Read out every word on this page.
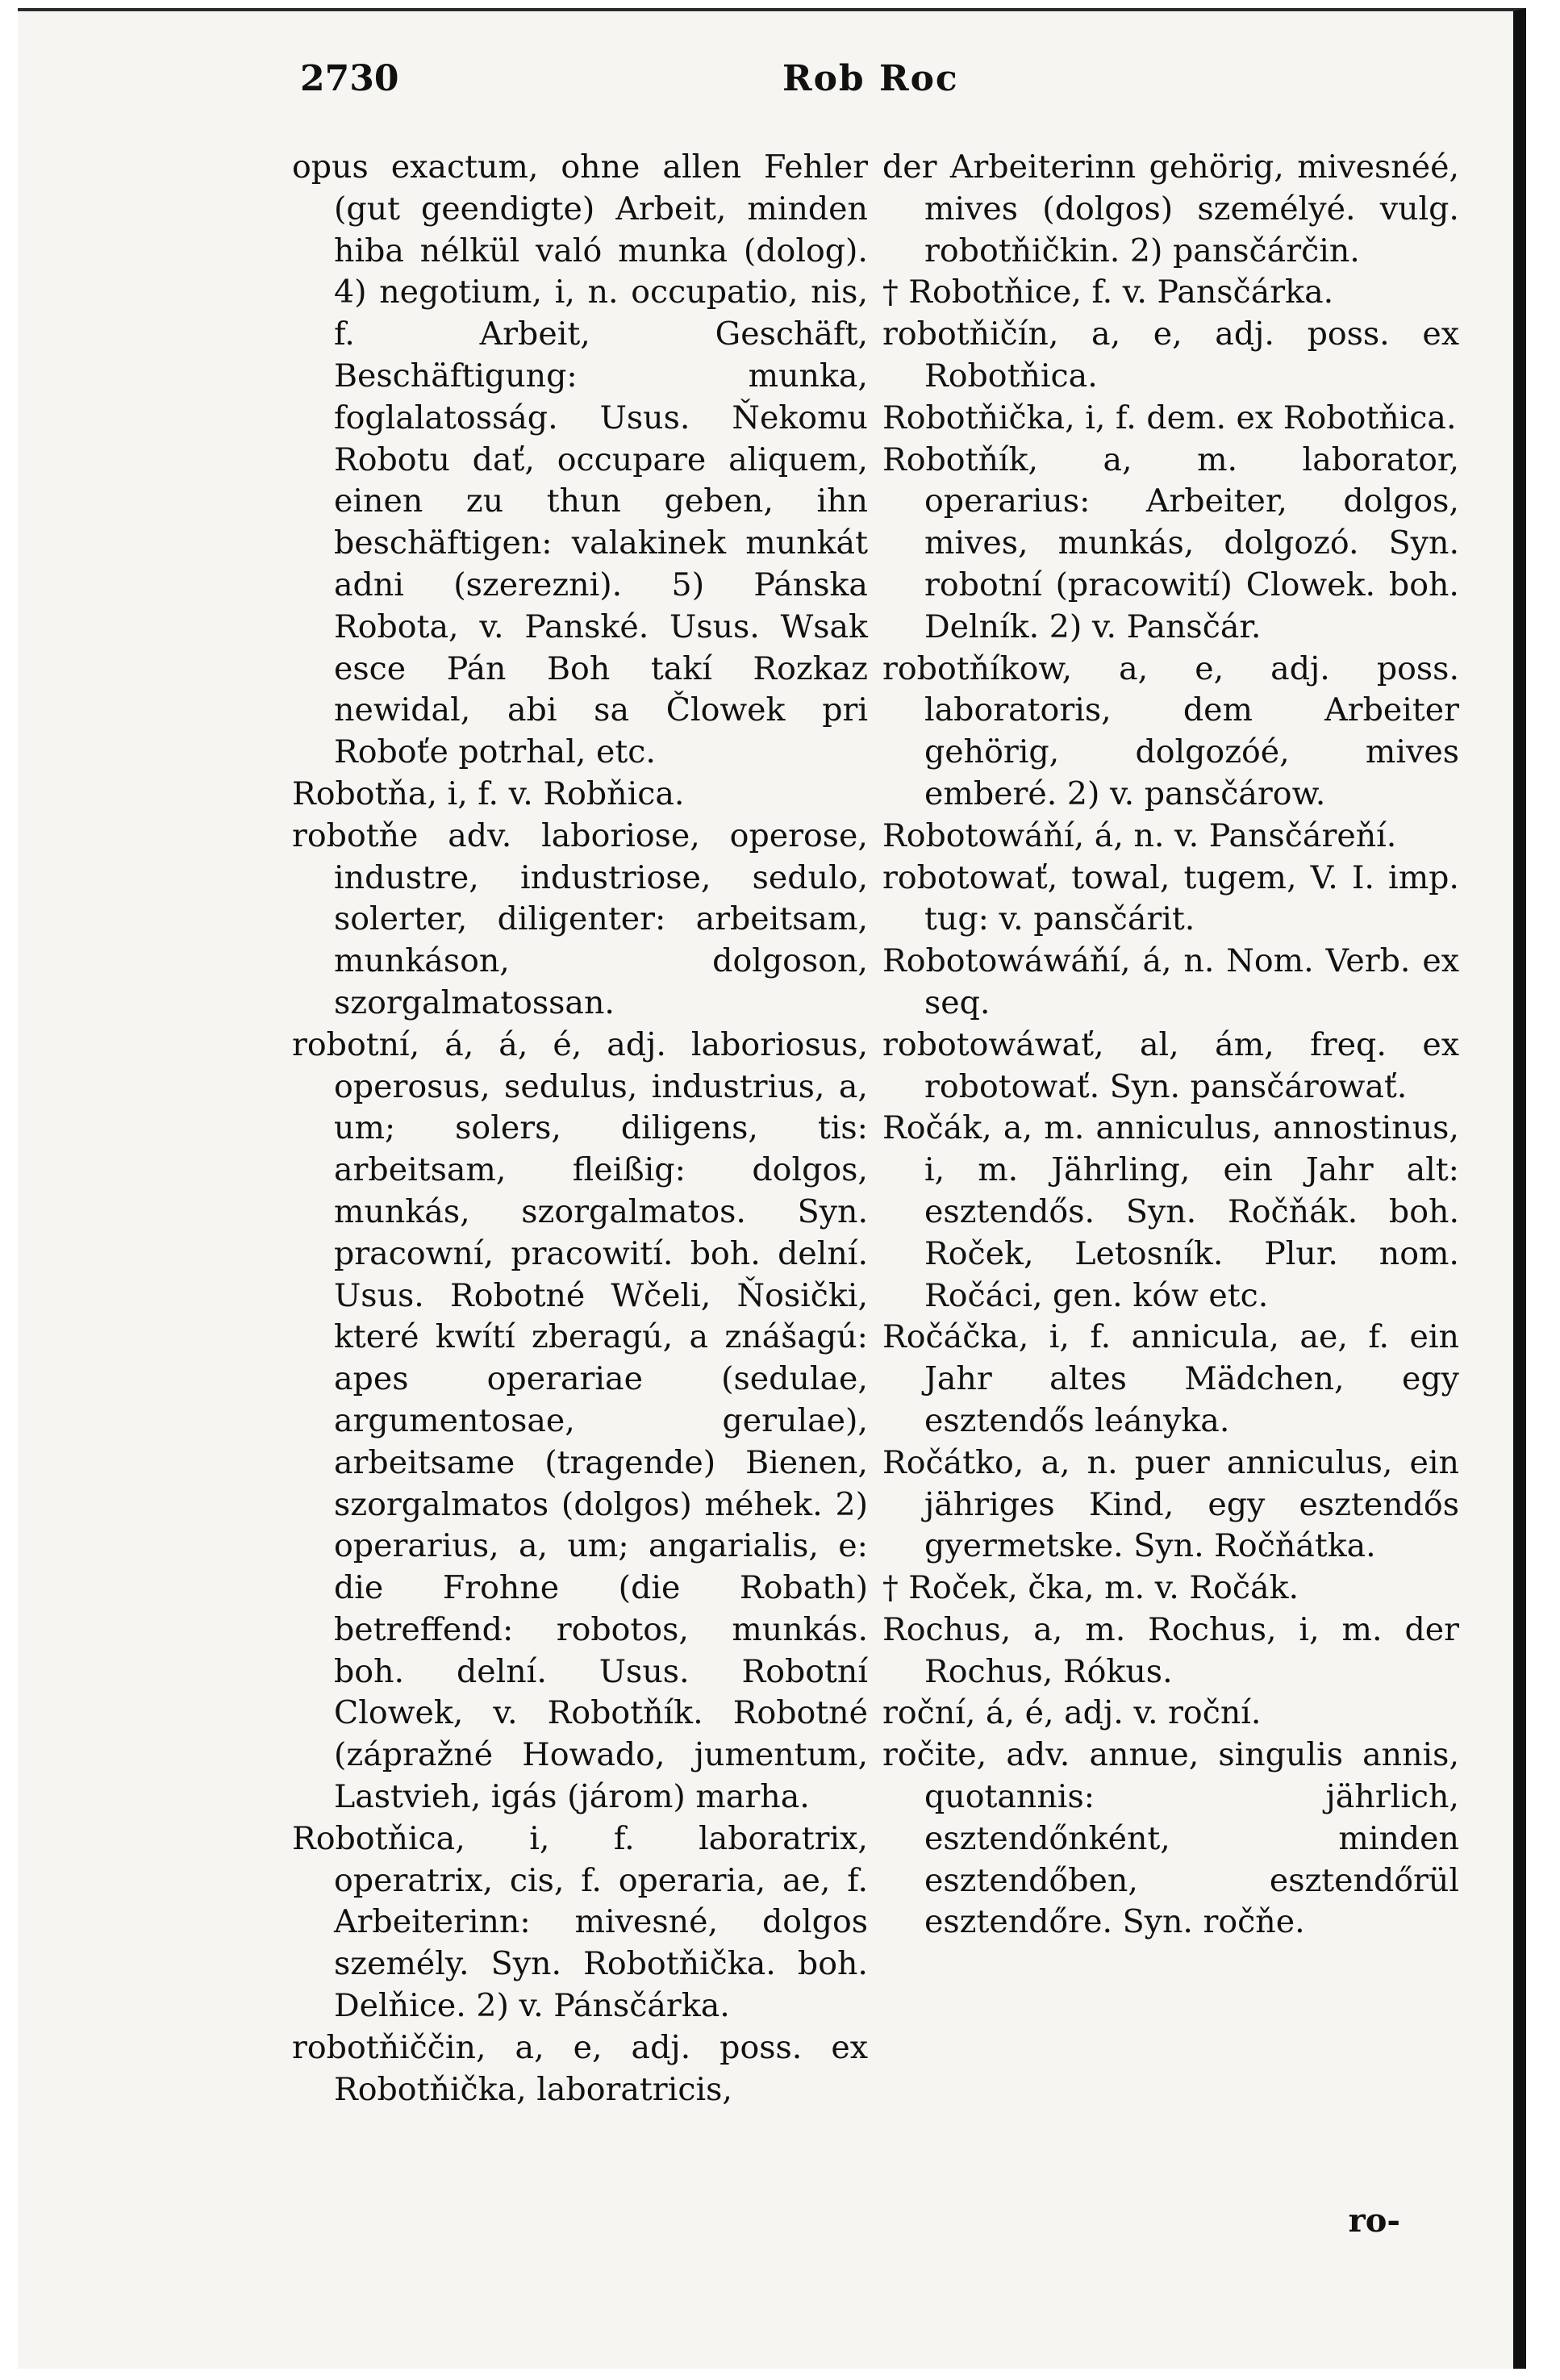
2730	Rob Roc

opus exactum, ohne allen Fehler (gut geendigte) Arbeit, minden hiba nélkül való munka (dolog). 4) negotium, i, n. occupatio, nis, f. Arbeit, Geschäft, Beschäftigung: munka, foglalatosság. Usus. Ňekomu Robotu dať, occupare aliquem, einen zu thun geben, ihn beschäftigen: valakinek munkát adni (szerezni). 5) Pánska Robota, v. Panské. Usus. Wsak esce Pán Boh takí Rozkaz newidal, abi sa Člowek pri Roboťe potrhal, etc.

Robotňa, i, f. v. Robňica.

robotňe adv. laboriose, operose, industre, industriose, sedulo, solerter, diligenter: arbeitsam, munkáson, dolgoson, szorgalmatossan.

robotní, á, á, é, adj. laboriosus, operosus, sedulus, industrius, a, um; solers, diligens, tis: arbeitsam, fleißig: dolgos, munkás, szorgalmatos. Syn. pracowní, pracowití. boh. delní. Usus. Robotné Wčeli, Ňosički, které kwítí zberagú, a znášagú: apes operariae (sedulae, argumentosae, gerulae), arbeitsame (tragende) Bienen, szorgalmatos (dolgos) méhek. 2) operarius, a, um; angarialis, e: die Frohne (die Robath) betreffend: robotos, munkás. boh. delní. Usus. Robotní Clowek, v. Robotňík. Robotné (zápražné Howado, jumentum, Lastvieh, igás (járom) marha.

Robotňica, i, f. laboratrix, operatrix, cis, f. operaria, ae, f. Arbeiterinn: mivesné, dolgos személy. Syn. Robotňička. boh. Delňice. 2) v. Pánsčárka.

robotňiččin, a, e, adj. poss. ex Robotňička, laboratricis,

der Arbeiterinn gehörig, mivesnéé, mives (dolgos) személyé. vulg. robotňičkin. 2) pansčárčin.

† Robotňice, f. v. Pansčárka.

robotňičín, a, e, adj. poss. ex Robotňica.

Robotňička, i, f. dem. ex Robotňica.

Robotňík, a, m. laborator, operarius: Arbeiter, dolgos, mives, munkás, dolgozó. Syn. robotní (pracowití) Clowek. boh. Delník. 2) v. Pansčár.

robotňíkow, a, e, adj. poss. laboratoris, dem Arbeiter gehörig, dolgozóé, mives emberé. 2) v. pansčárow.

Robotowáňí, á, n. v. Pansčáreňí.

robotowať, towal, tugem, V. I. imp. tug: v. pansčárit.

Robotowáwáňí, á, n. Nom. Verb. ex seq.

robotowáwať, al, ám, freq. ex robotowať. Syn. pansčárowať.

Ročák, a, m. anniculus, annostinus, i, m. Jährling, ein Jahr alt: esztendős. Syn. Ročňák. boh. Roček, Letosník. Plur. nom. Ročáci, gen. ków etc.

Ročáčka, i, f. annicula, ae, f. ein Jahr altes Mädchen, egy esztendős leányka.

Ročátko, a, n. puer anniculus, ein jähriges Kind, egy esztendős gyermetske. Syn. Ročňátka.

† Roček, čka, m. v. Ročák.

Rochus, a, m. Rochus, i, m. der Rochus, Rókus.

roční, á, é, adj. v. roční.

ročite, adv. annue, singulis annis, quotannis: jährlich, esztendőnként, minden esztendőben, esztendőrül esztendőre. Syn. ročňe.

ro-
